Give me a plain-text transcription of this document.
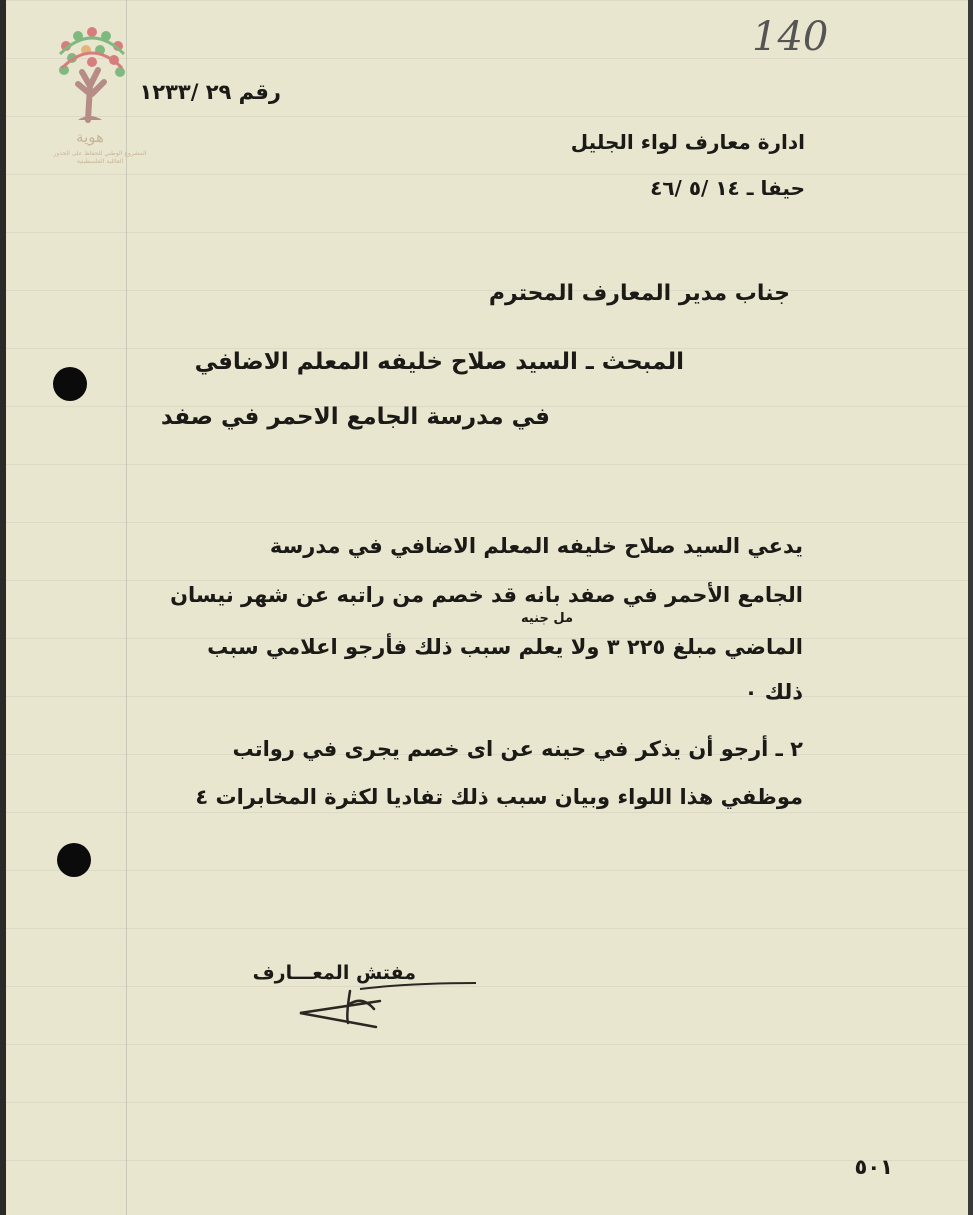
هوية
المشروع الوطني للحفاظ على الجذور العائلية الفلسطينية
140
رقم ٢٩ /١٢٣٣
ادارة معارف لواء الجليل
حيفا ـ ١٤ /٥ /٤٦
جناب مدير المعارف المحترم
المبحث ـ السيد صلاح خليفه المعلم الاضافي
في مدرسة الجامع الاحمر في صفد
يدعي السيد صلاح خليفه المعلم الاضافي في مدرسة
الجامع الأحمر في صفد بانه قد خصم من راتبه عن شهر نيسان
مل جنيه
الماضي مبلغ ٢٢٥ ٣ ولا يعلم سبب ذلك فأرجو اعلامي سبب
ذلك ٠
٢ ـ أرجو أن يذكر في حينه عن اى خصم يجرى في رواتب
موظفي هذا اللواء وبيان سبب ذلك تفاديا لكثرة المخابرات ٤
مفتش المعـــارف
٥٠١
